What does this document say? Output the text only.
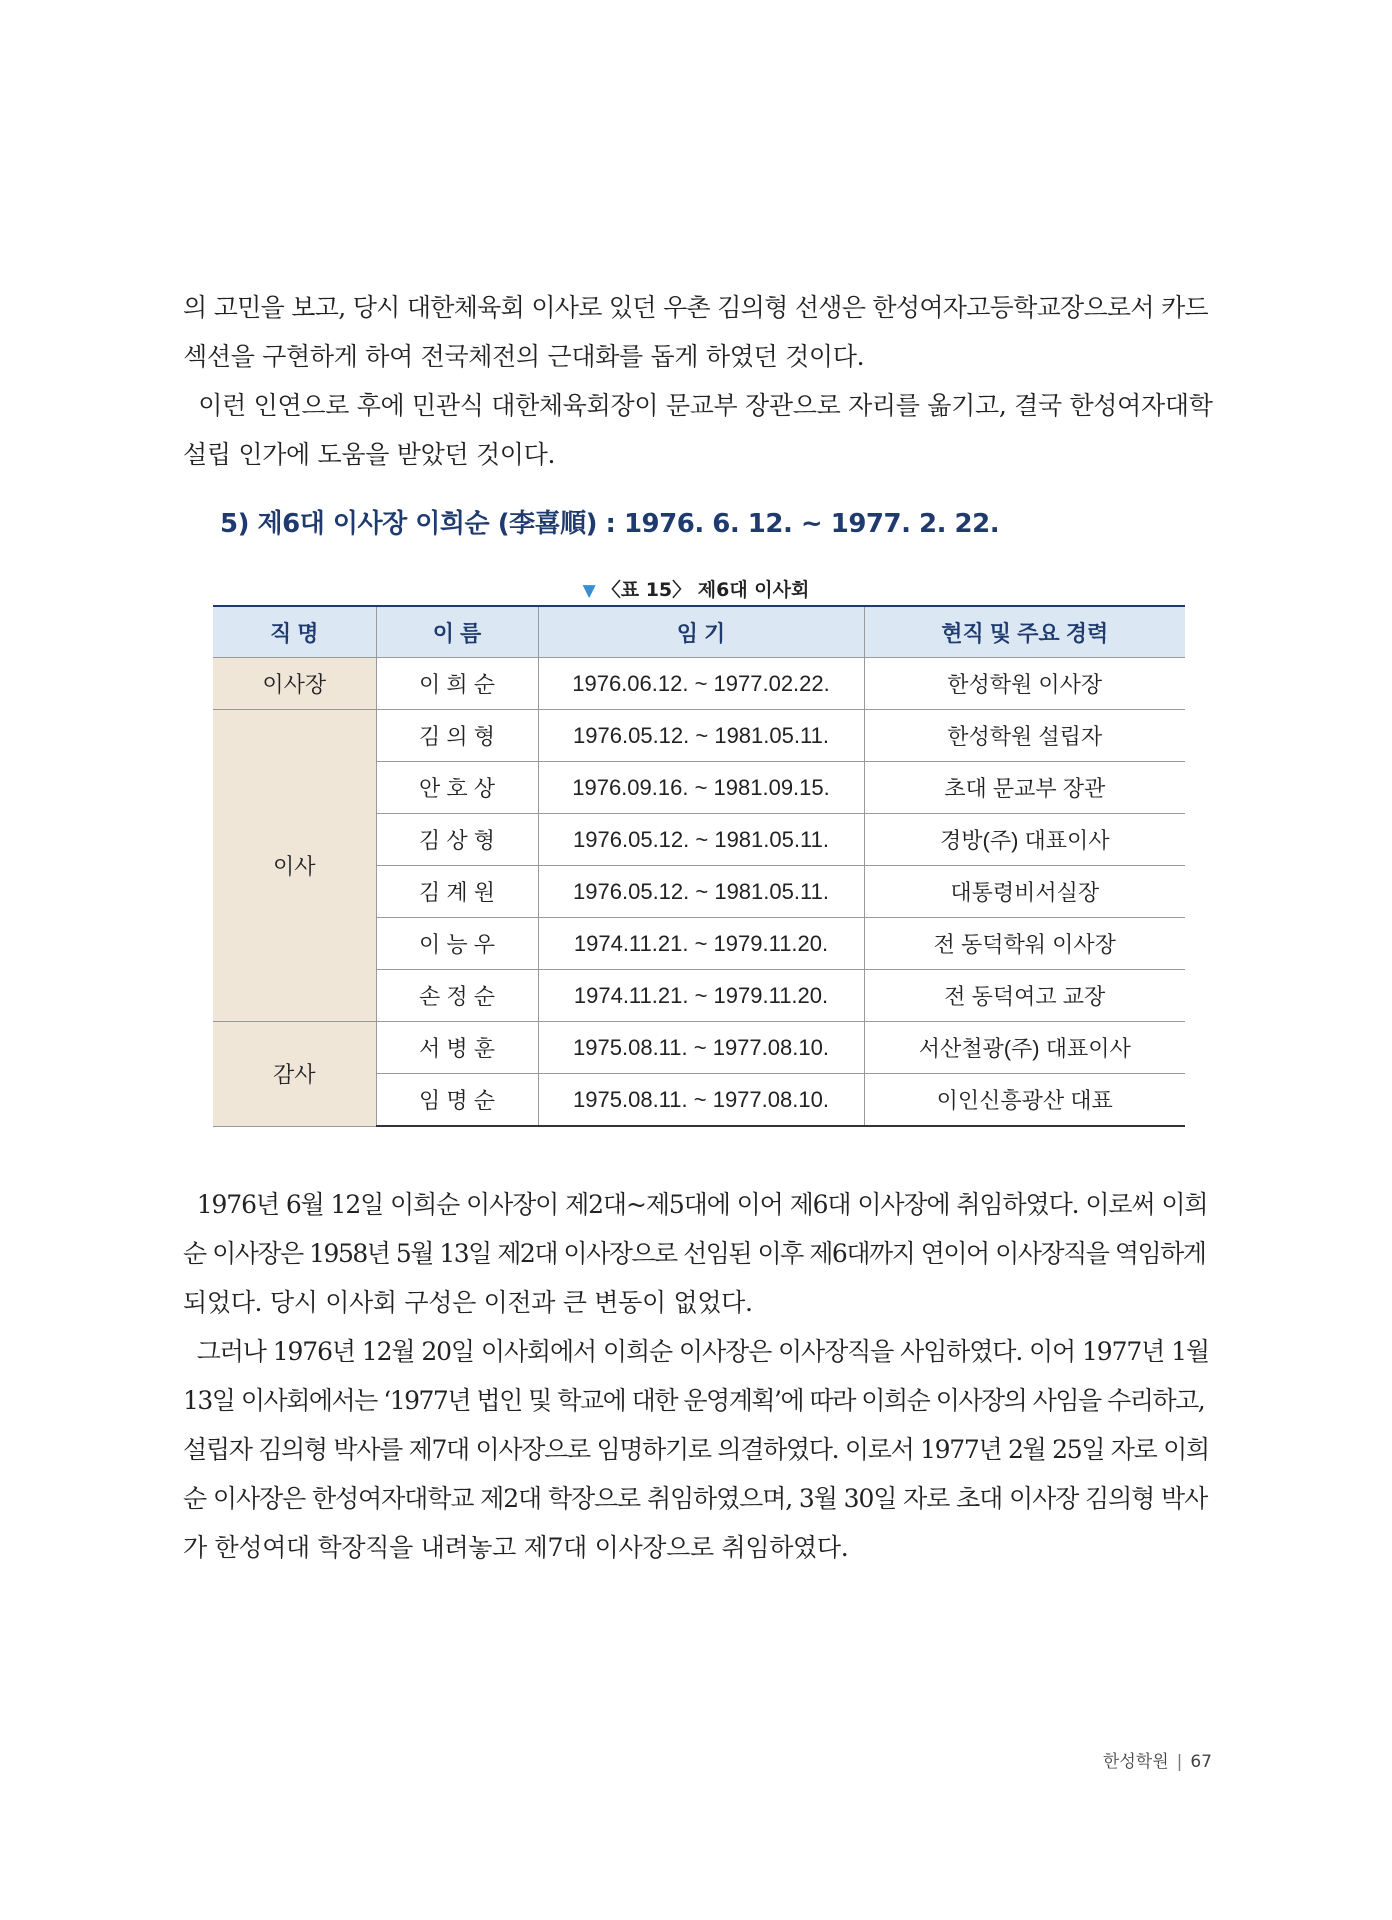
의 고민을 보고, 당시 대한체육회 이사로 있던 우촌 김의형 선생은 한성여자고등학교장으로서 카드
섹션을 구현하게 하여 전국체전의 근대화를 돕게 하였던 것이다.
이런 인연으로 후에 민관식 대한체육회장이 문교부 장관으로 자리를 옮기고, 결국 한성여자대학
설립 인가에 도움을 받았던 것이다.
5) 제6대 이사장 이희순 (李喜順) : 1976. 6. 12. ~ 1977. 2. 22.
▼ 〈표 15〉 제6대 이사회
직 명	이 름	임 기	현직 및 주요 경력
이사장	이 희 순	1976.06.12. ~ 1977.02.22.	한성학원 이사장
이사	김 의 형	1976.05.12. ~ 1981.05.11.	한성학원 설립자
	안 호 상	1976.09.16. ~ 1981.09.15.	초대 문교부 장관
	김 상 형	1976.05.12. ~ 1981.05.11.	경방(주) 대표이사
	김 계 원	1976.05.12. ~ 1981.05.11.	대통령비서실장
	이 능 우	1974.11.21. ~ 1979.11.20.	전 동덕학워 이사장
	손 정 순	1974.11.21. ~ 1979.11.20.	전 동덕여고 교장
감사	서 병 훈	1975.08.11. ~ 1977.08.10.	서산철광(주) 대표이사
	임 명 순	1975.08.11. ~ 1977.08.10.	이인신흥광산 대표
1976년 6월 12일 이희순 이사장이 제2대~제5대에 이어 제6대 이사장에 취임하였다. 이로써 이희
순 이사장은 1958년 5월 13일 제2대 이사장으로 선임된 이후 제6대까지 연이어 이사장직을 역임하게
되었다. 당시 이사회 구성은 이전과 큰 변동이 없었다.
그러나 1976년 12월 20일 이사회에서 이희순 이사장은 이사장직을 사임하였다. 이어 1977년 1월
13일 이사회에서는 ‘1977년 법인 및 학교에 대한 운영계획’에 따라 이희순 이사장의 사임을 수리하고,
설립자 김의형 박사를 제7대 이사장으로 임명하기로 의결하였다. 이로서 1977년 2월 25일 자로 이희
순 이사장은 한성여자대학교 제2대 학장으로 취임하였으며, 3월 30일 자로 초대 이사장 김의형 박사
가 한성여대 학장직을 내려놓고 제7대 이사장으로 취임하였다.
한성학원 | 67
